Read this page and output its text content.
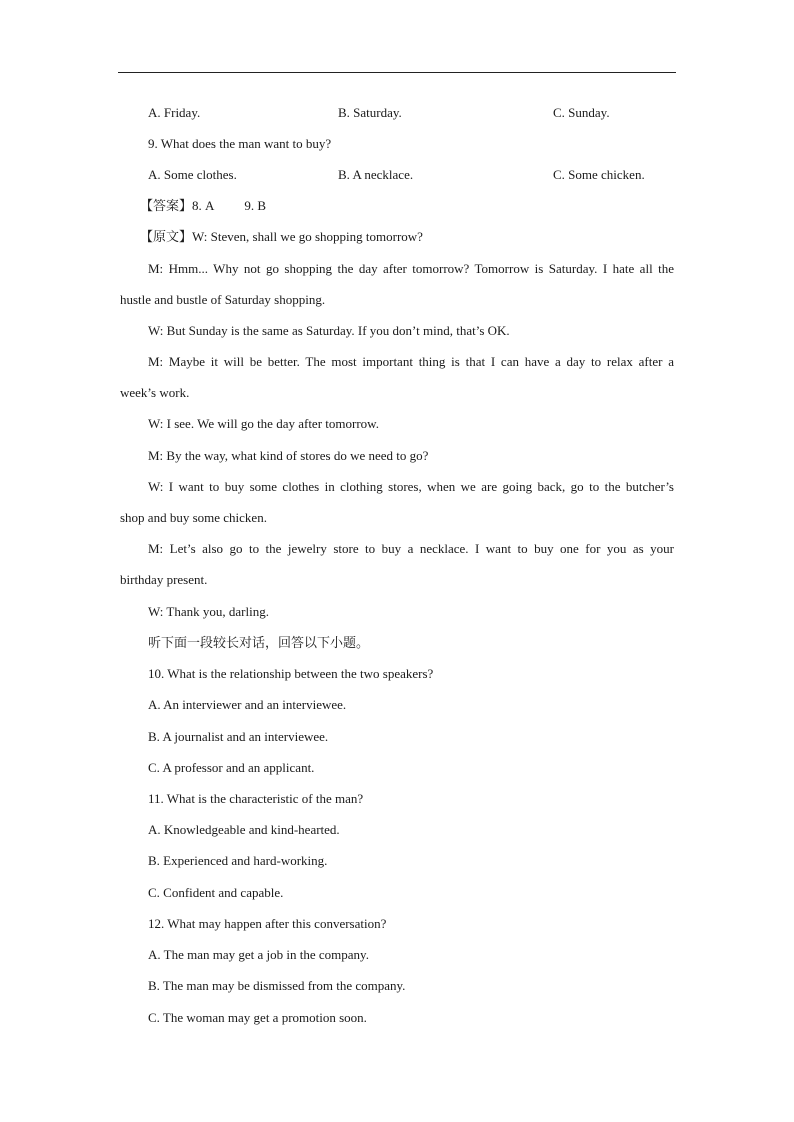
A. Friday.	B. Saturday.	C. Sunday.
9. What does the man want to buy?
A. Some clothes.	B. A necklace.	C. Some chicken.
【答案】8. A 9. B
【原文】W: Steven, shall we go shopping tomorrow?
M: Hmm... Why not go shopping the day after tomorrow? Tomorrow is Saturday. I hate all the
hustle and bustle of Saturday shopping.
W: But Sunday is the same as Saturday. If you don’t mind, that’s OK.
M: Maybe it will be better. The most important thing is that I can have a day to relax after a
week’s work.
W: I see. We will go the day after tomorrow.
M: By the way, what kind of stores do we need to go?
W: I want to buy some clothes in clothing stores, when we are going back, go to the butcher’s
shop and buy some chicken.
M: Let’s also go to the jewelry store to buy a necklace. I want to buy one for you as your
birthday present.
W: Thank you, darling.
听下面一段较长对话，回答以下小题。
10. What is the relationship between the two speakers?
A. An interviewer and an interviewee.
B. A journalist and an interviewee.
C. A professor and an applicant.
11. What is the characteristic of the man?
A. Knowledgeable and kind-hearted.
B. Experienced and hard-working.
C. Confident and capable.
12. What may happen after this conversation?
A. The man may get a job in the company.
B. The man may be dismissed from the company.
C. The woman may get a promotion soon.
